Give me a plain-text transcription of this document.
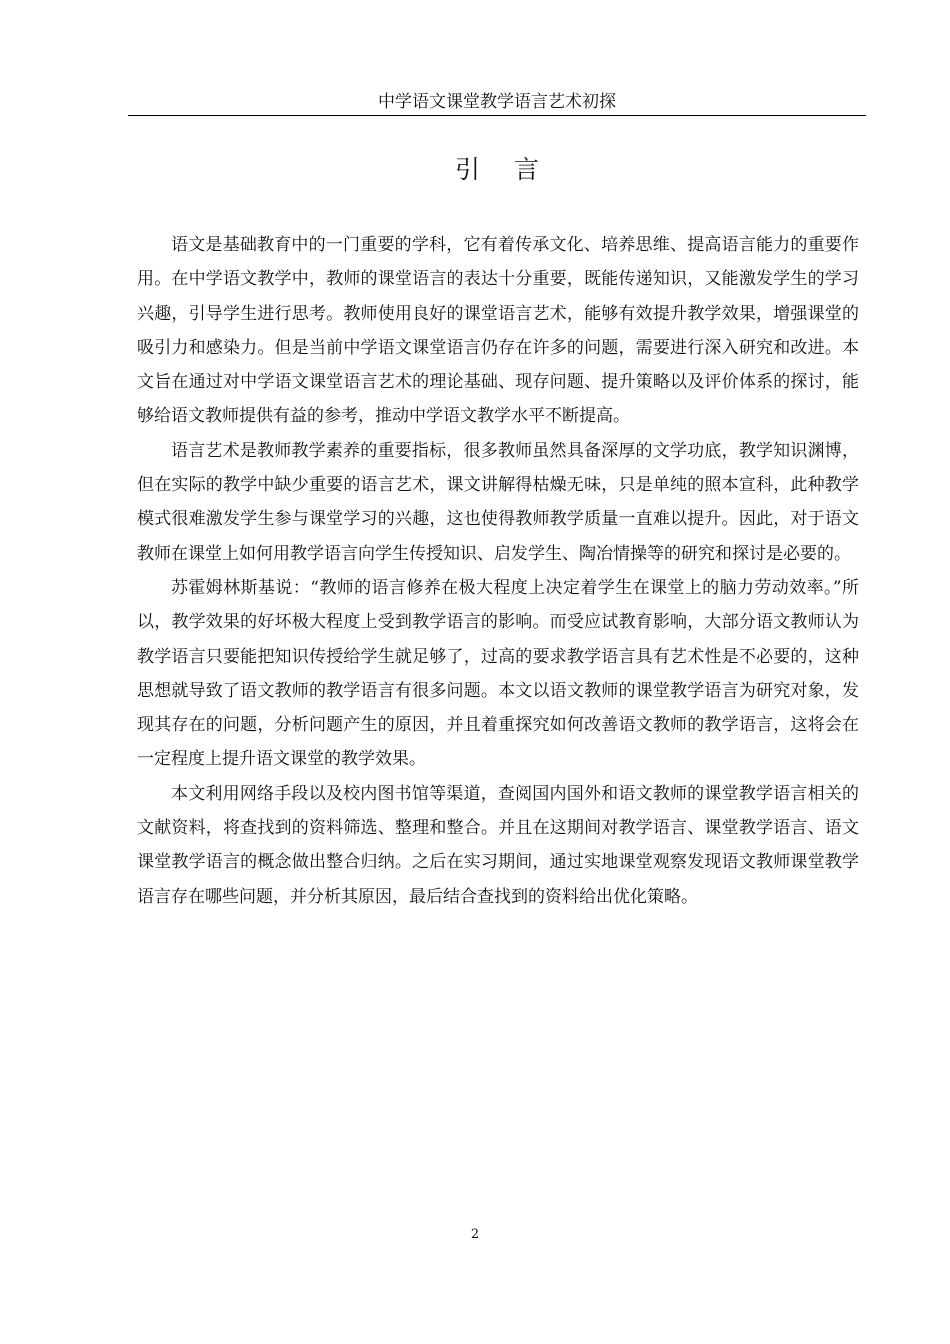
中学语文课堂教学语言艺术初探
引言

语文是基础教育中的一门重要的学科，它有着传承文化、培养思维、提高语言能力的重要作用。在中学语文教学中，教师的课堂语言的表达十分重要，既能传递知识，又能激发学生的学习兴趣，引导学生进行思考。教师使用良好的课堂语言艺术，能够有效提升教学效果，增强课堂的吸引力和感染力。但是当前中学语文课堂语言仍存在许多的问题，需要进行深入研究和改进。本文旨在通过对中学语文课堂语言艺术的理论基础、现存问题、提升策略以及评价体系的探讨，能够给语文教师提供有益的参考，推动中学语文教学水平不断提高。

语言艺术是教师教学素养的重要指标，很多教师虽然具备深厚的文学功底，教学知识渊博，但在实际的教学中缺少重要的语言艺术，课文讲解得枯燥无味，只是单纯的照本宣科，此种教学模式很难激发学生参与课堂学习的兴趣，这也使得教师教学质量一直难以提升。因此，对于语文教师在课堂上如何用教学语言向学生传授知识、启发学生、陶冶情操等的研究和探讨是必要的。

苏霍姆林斯基说：“教师的语言修养在极大程度上决定着学生在课堂上的脑力劳动效率。”所以，教学效果的好坏极大程度上受到教学语言的影响。而受应试教育影响，大部分语文教师认为教学语言只要能把知识传授给学生就足够了，过高的要求教学语言具有艺术性是不必要的，这种思想就导致了语文教师的教学语言有很多问题。本文以语文教师的课堂教学语言为研究对象，发现其存在的问题，分析问题产生的原因，并且着重探究如何改善语文教师的教学语言，这将会在一定程度上提升语文课堂的教学效果。

本文利用网络手段以及校内图书馆等渠道，查阅国内国外和语文教师的课堂教学语言相关的文献资料，将查找到的资料筛选、整理和整合。并且在这期间对教学语言、课堂教学语言、语文课堂教学语言的概念做出整合归纳。之后在实习期间，通过实地课堂观察发现语文教师课堂教学语言存在哪些问题，并分析其原因，最后结合查找到的资料给出优化策略。

2
